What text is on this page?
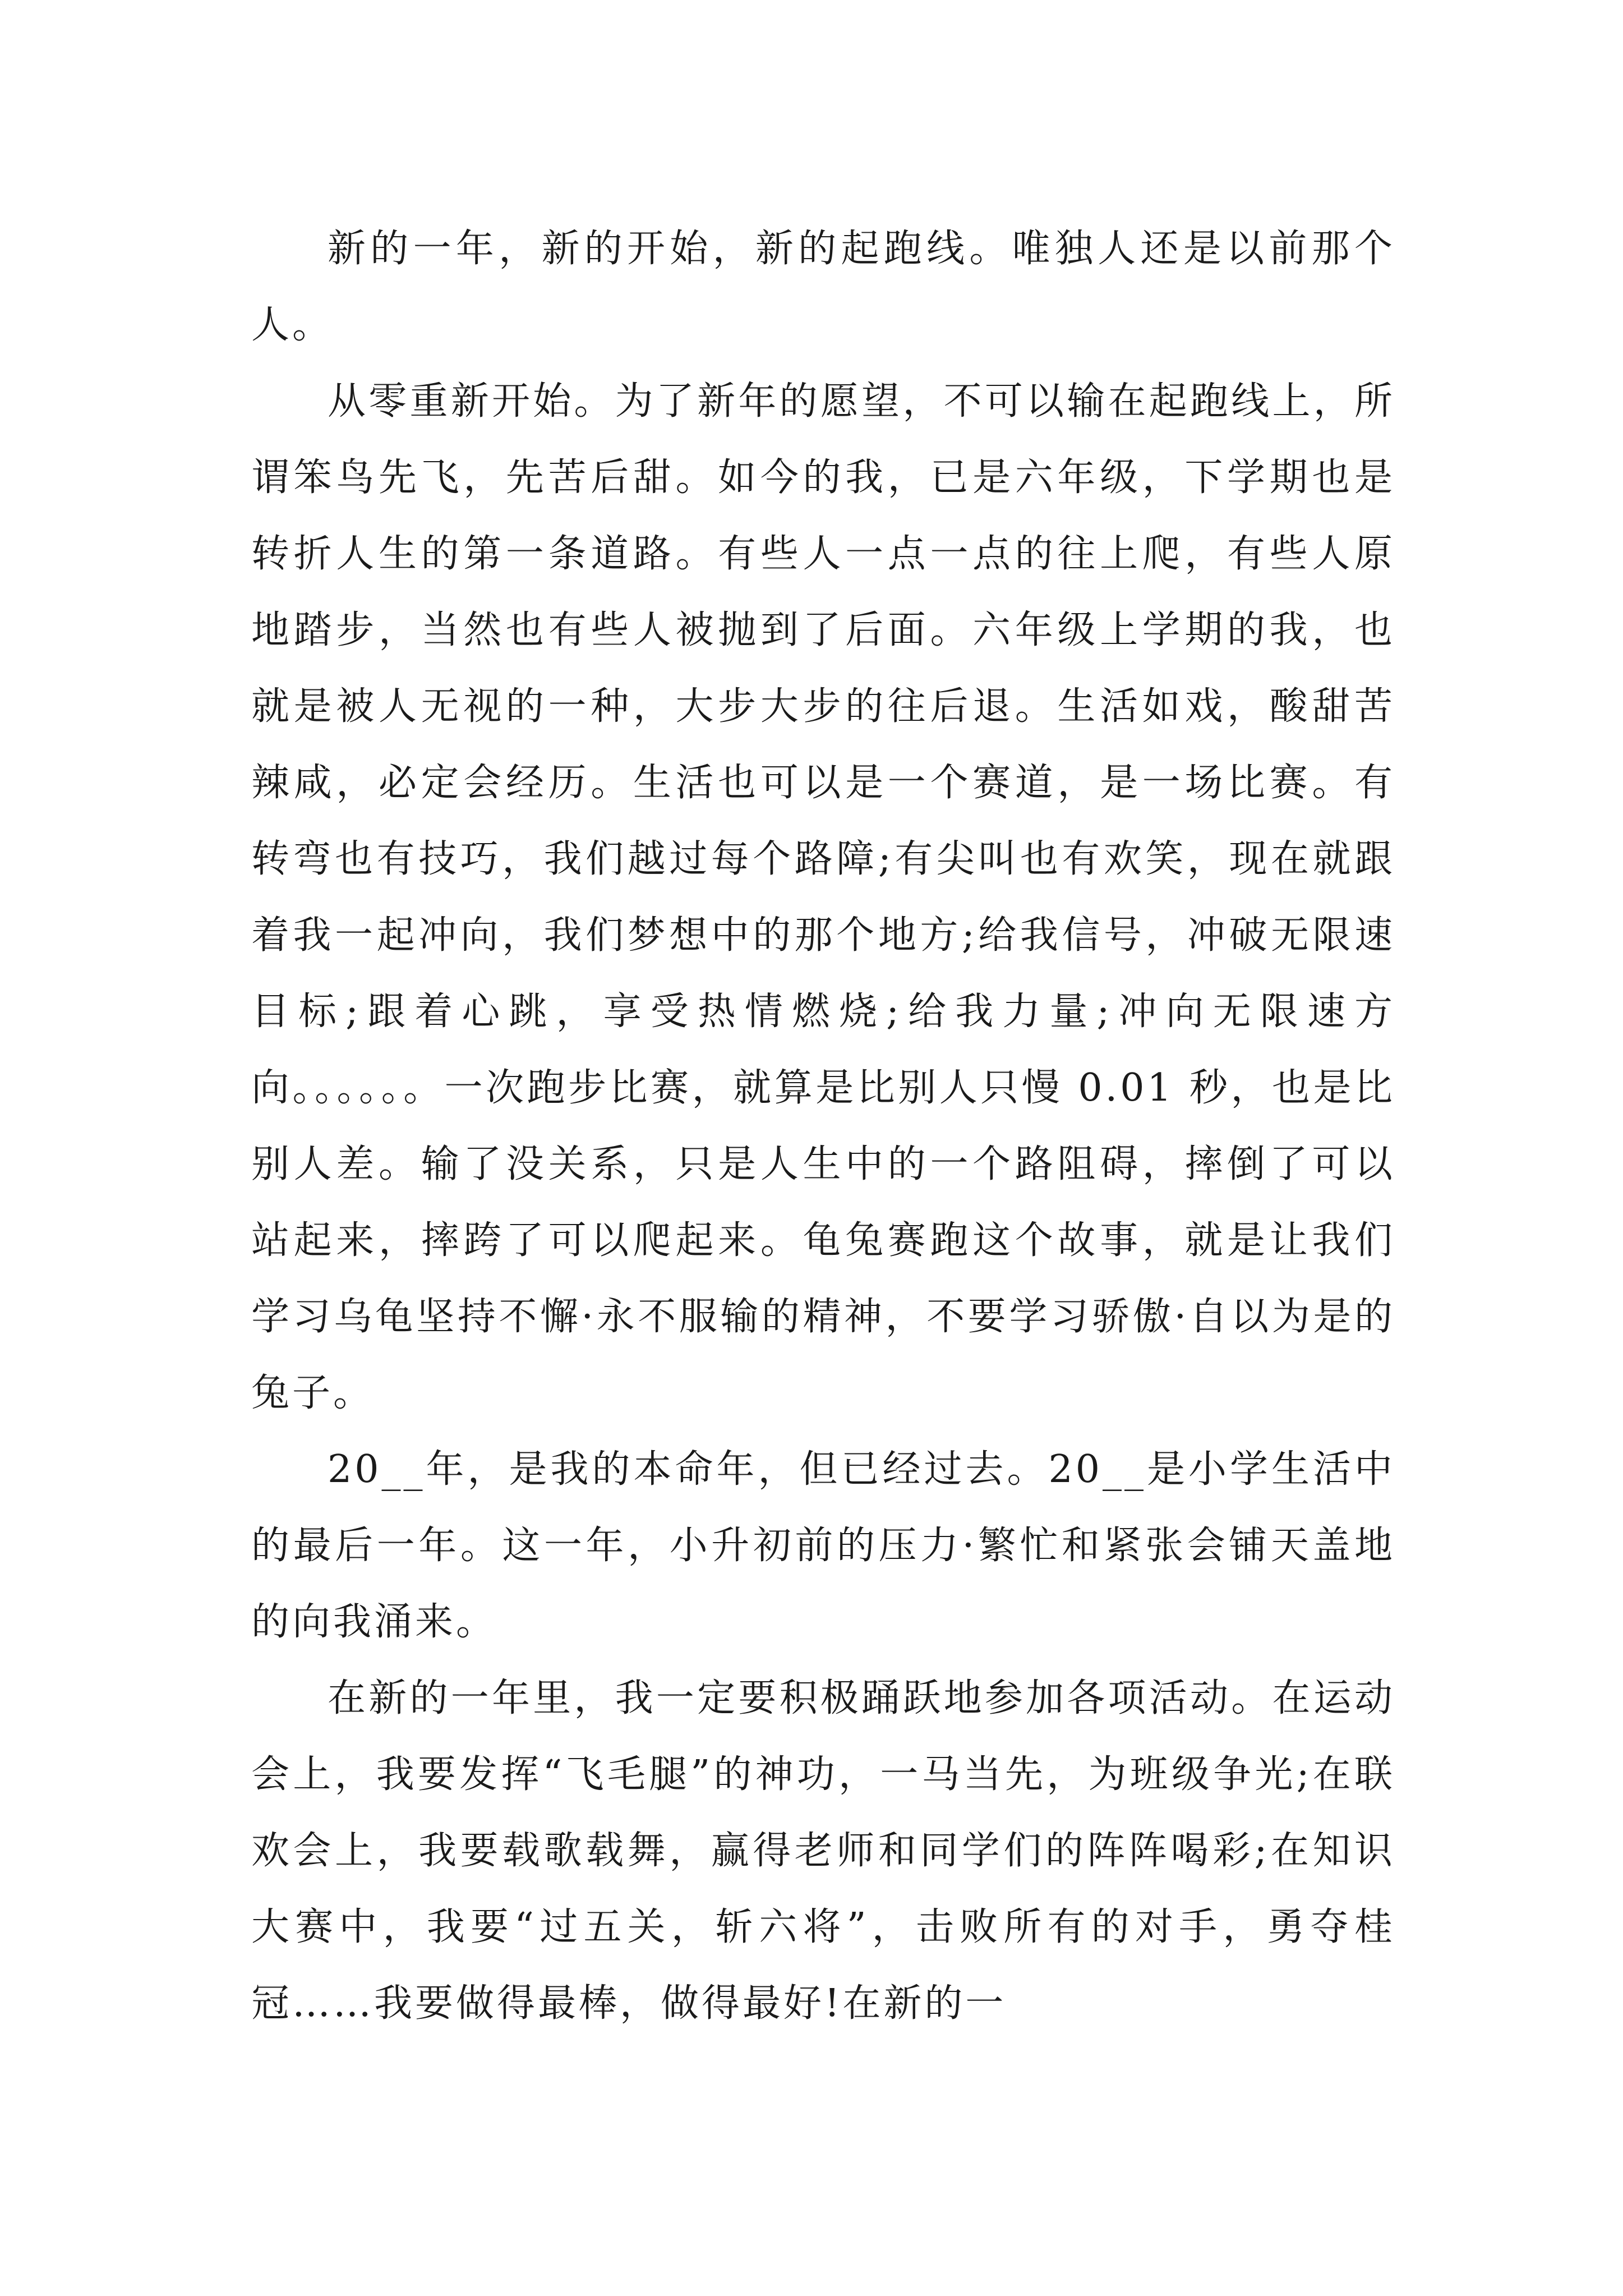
新的一年，新的开始，新的起跑线。唯独人还是以前那个人。

从零重新开始。为了新年的愿望，不可以输在起跑线上，所谓笨鸟先飞，先苦后甜。如今的我，已是六年级，下学期也是转折人生的第一条道路。有些人一点一点的往上爬，有些人原地踏步，当然也有些人被抛到了后面。六年级上学期的我，也就是被人无视的一种，大步大步的往后退。生活如戏，酸甜苦辣咸，必定会经历。生活也可以是一个赛道，是一场比赛。有转弯也有技巧，我们越过每个路障;有尖叫也有欢笑，现在就跟着我一起冲向，我们梦想中的那个地方;给我信号，冲破无限速目标;跟着心跳，享受热情燃烧;给我力量;冲向无限速方向。。。。。。一次跑步比赛，就算是比别人只慢 0.01 秒，也是比别人差。输了没关系，只是人生中的一个路阻碍，摔倒了可以站起来，摔跨了可以爬起来。龟兔赛跑这个故事，就是让我们学习乌龟坚持不懈·永不服输的精神，不要学习骄傲·自以为是的兔子。

20__年，是我的本命年，但已经过去。20__是小学生活中的最后一年。这一年，小升初前的压力·繁忙和紧张会铺天盖地的向我涌来。

在新的一年里，我一定要积极踊跃地参加各项活动。在运动会上，我要发挥“飞毛腿”的神功，一马当先，为班级争光;在联欢会上，我要载歌载舞，赢得老师和同学们的阵阵喝彩;在知识大赛中，我要“过五关，斩六将”，击败所有的对手，勇夺桂冠……我要做得最棒，做得最好!在新的一
